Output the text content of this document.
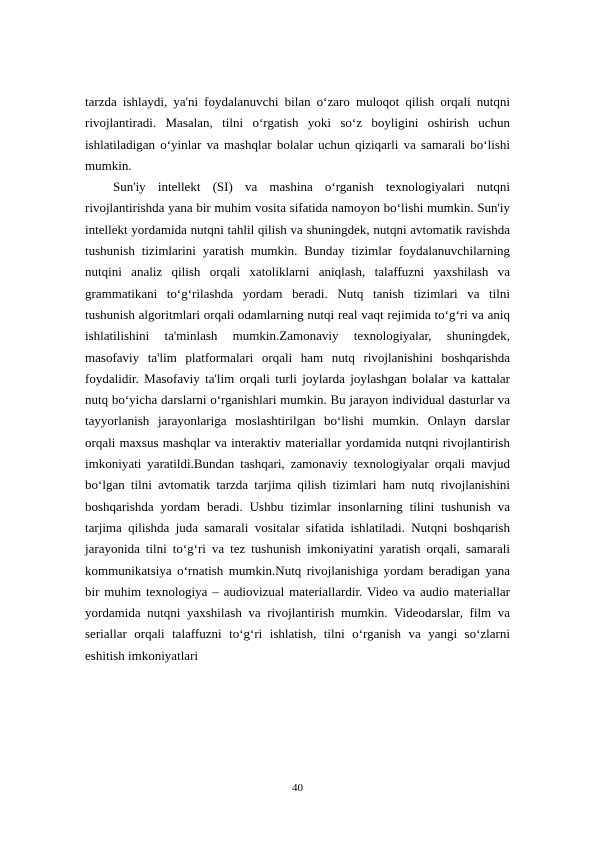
tarzda ishlaydi, ya'ni foydalanuvchi bilan o‘zaro muloqot qilish orqali nutqni rivojlantiradi. Masalan, tilni o‘rgatish yoki so‘z boyligini oshirish uchun ishlatiladigan o‘yinlar va mashqlar bolalar uchun qiziqarli va samarali bo‘lishi mumkin.

Sun'iy intellekt (SI) va mashina o‘rganish texnologiyalari nutqni rivojlantirishda yana bir muhim vosita sifatida namoyon bo‘lishi mumkin. Sun'iy intellekt yordamida nutqni tahlil qilish va shuningdek, nutqni avtomatik ravishda tushunish tizimlarini yaratish mumkin. Bunday tizimlar foydalanuvchilarning nutqini analiz qilish orqali xatoliklarni aniqlash, talaffuzni yaxshilash va grammatikani to‘g‘rilashda yordam beradi. Nutq tanish tizimlari va tilni tushunish algoritmlari orqali odamlarning nutqi real vaqt rejimida to‘g‘ri va aniq ishlatilishini ta'minlash mumkin.Zamonaviy texnologiyalar, shuningdek, masofaviy ta'lim platformalari orqali ham nutq rivojlanishini boshqarishda foydalidir. Masofaviy ta'lim orqali turli joylarda joylashgan bolalar va kattalar nutq bo‘yicha darslarni o‘rganishlari mumkin. Bu jarayon individual dasturlar va tayyorlanish jarayonlariga moslashtirilgan bo‘lishi mumkin. Onlayn darslar orqali maxsus mashqlar va interaktiv materiallar yordamida nutqni rivojlantirish imkoniyati yaratildi.Bundan tashqari, zamonaviy texnologiyalar orqali mavjud bo‘lgan tilni avtomatik tarzda tarjima qilish tizimlari ham nutq rivojlanishini boshqarishda yordam beradi. Ushbu tizimlar insonlarning tilini tushunish va tarjima qilishda juda samarali vositalar sifatida ishlatiladi. Nutqni boshqarish jarayonida tilni to‘g‘ri va tez tushunish imkoniyatini yaratish orqali, samarali kommunikatsiya o‘rnatish mumkin.Nutq rivojlanishiga yordam beradigan yana bir muhim texnologiya – audiovizual materiallardir. Video va audio materiallar yordamida nutqni yaxshilash va rivojlantirish mumkin. Videodarslar, film va seriallar orqali talaffuzni to‘g‘ri ishlatish, tilni o‘rganish va yangi so‘zlarni eshitish imkoniyatlari

40
